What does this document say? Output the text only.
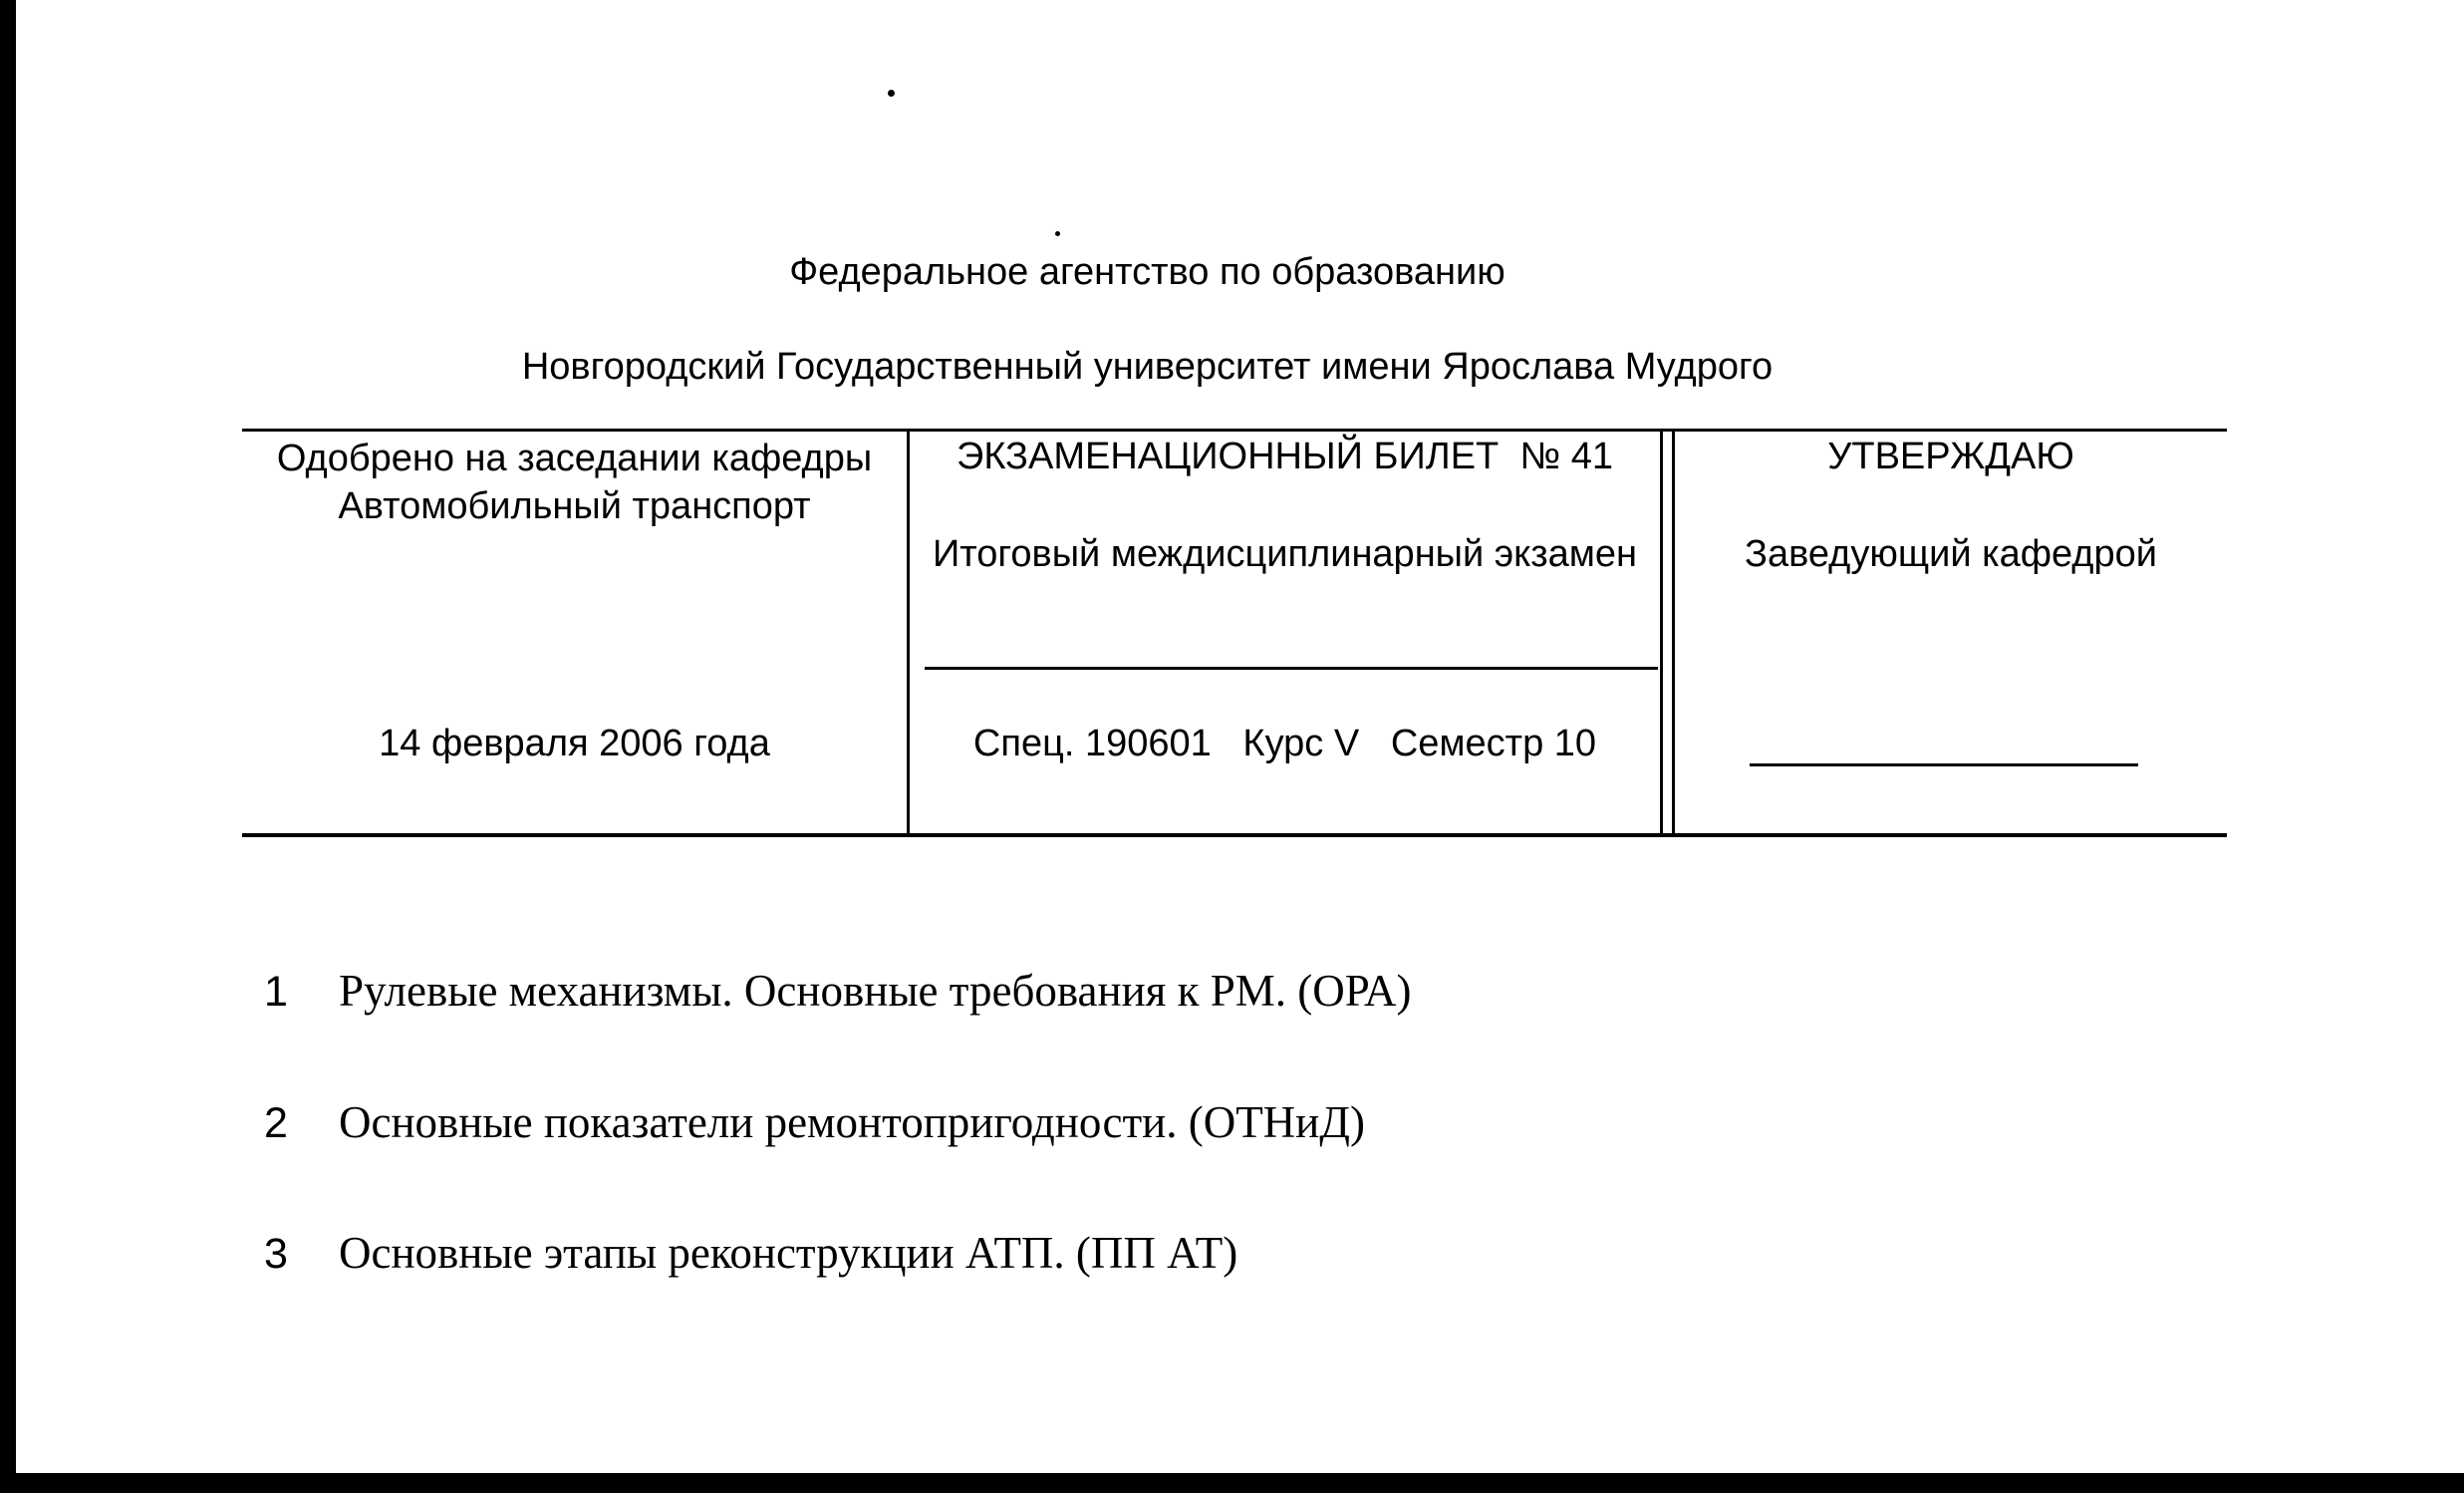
Федеральное агентство по образованию
Новгородский Государственный университет имени Ярослава Мудрого
Одобрено на заседании кафедры Автомобильный транспорт
14 февраля 2006 года
ЭКЗАМЕНАЦИОННЫЙ БИЛЕТ  № 41
Итоговый междисциплинарный экзамен
Спец. 190601   Курс V   Семестр 10
УТВЕРЖДАЮ
Заведующий кафедрой
1 Рулевые механизмы. Основные требования к РМ. (ОРА)
2 Основные показатели ремонтопригодности. (ОТНиД)
3 Основные этапы реконструкции АТП. (ПП АТ)
